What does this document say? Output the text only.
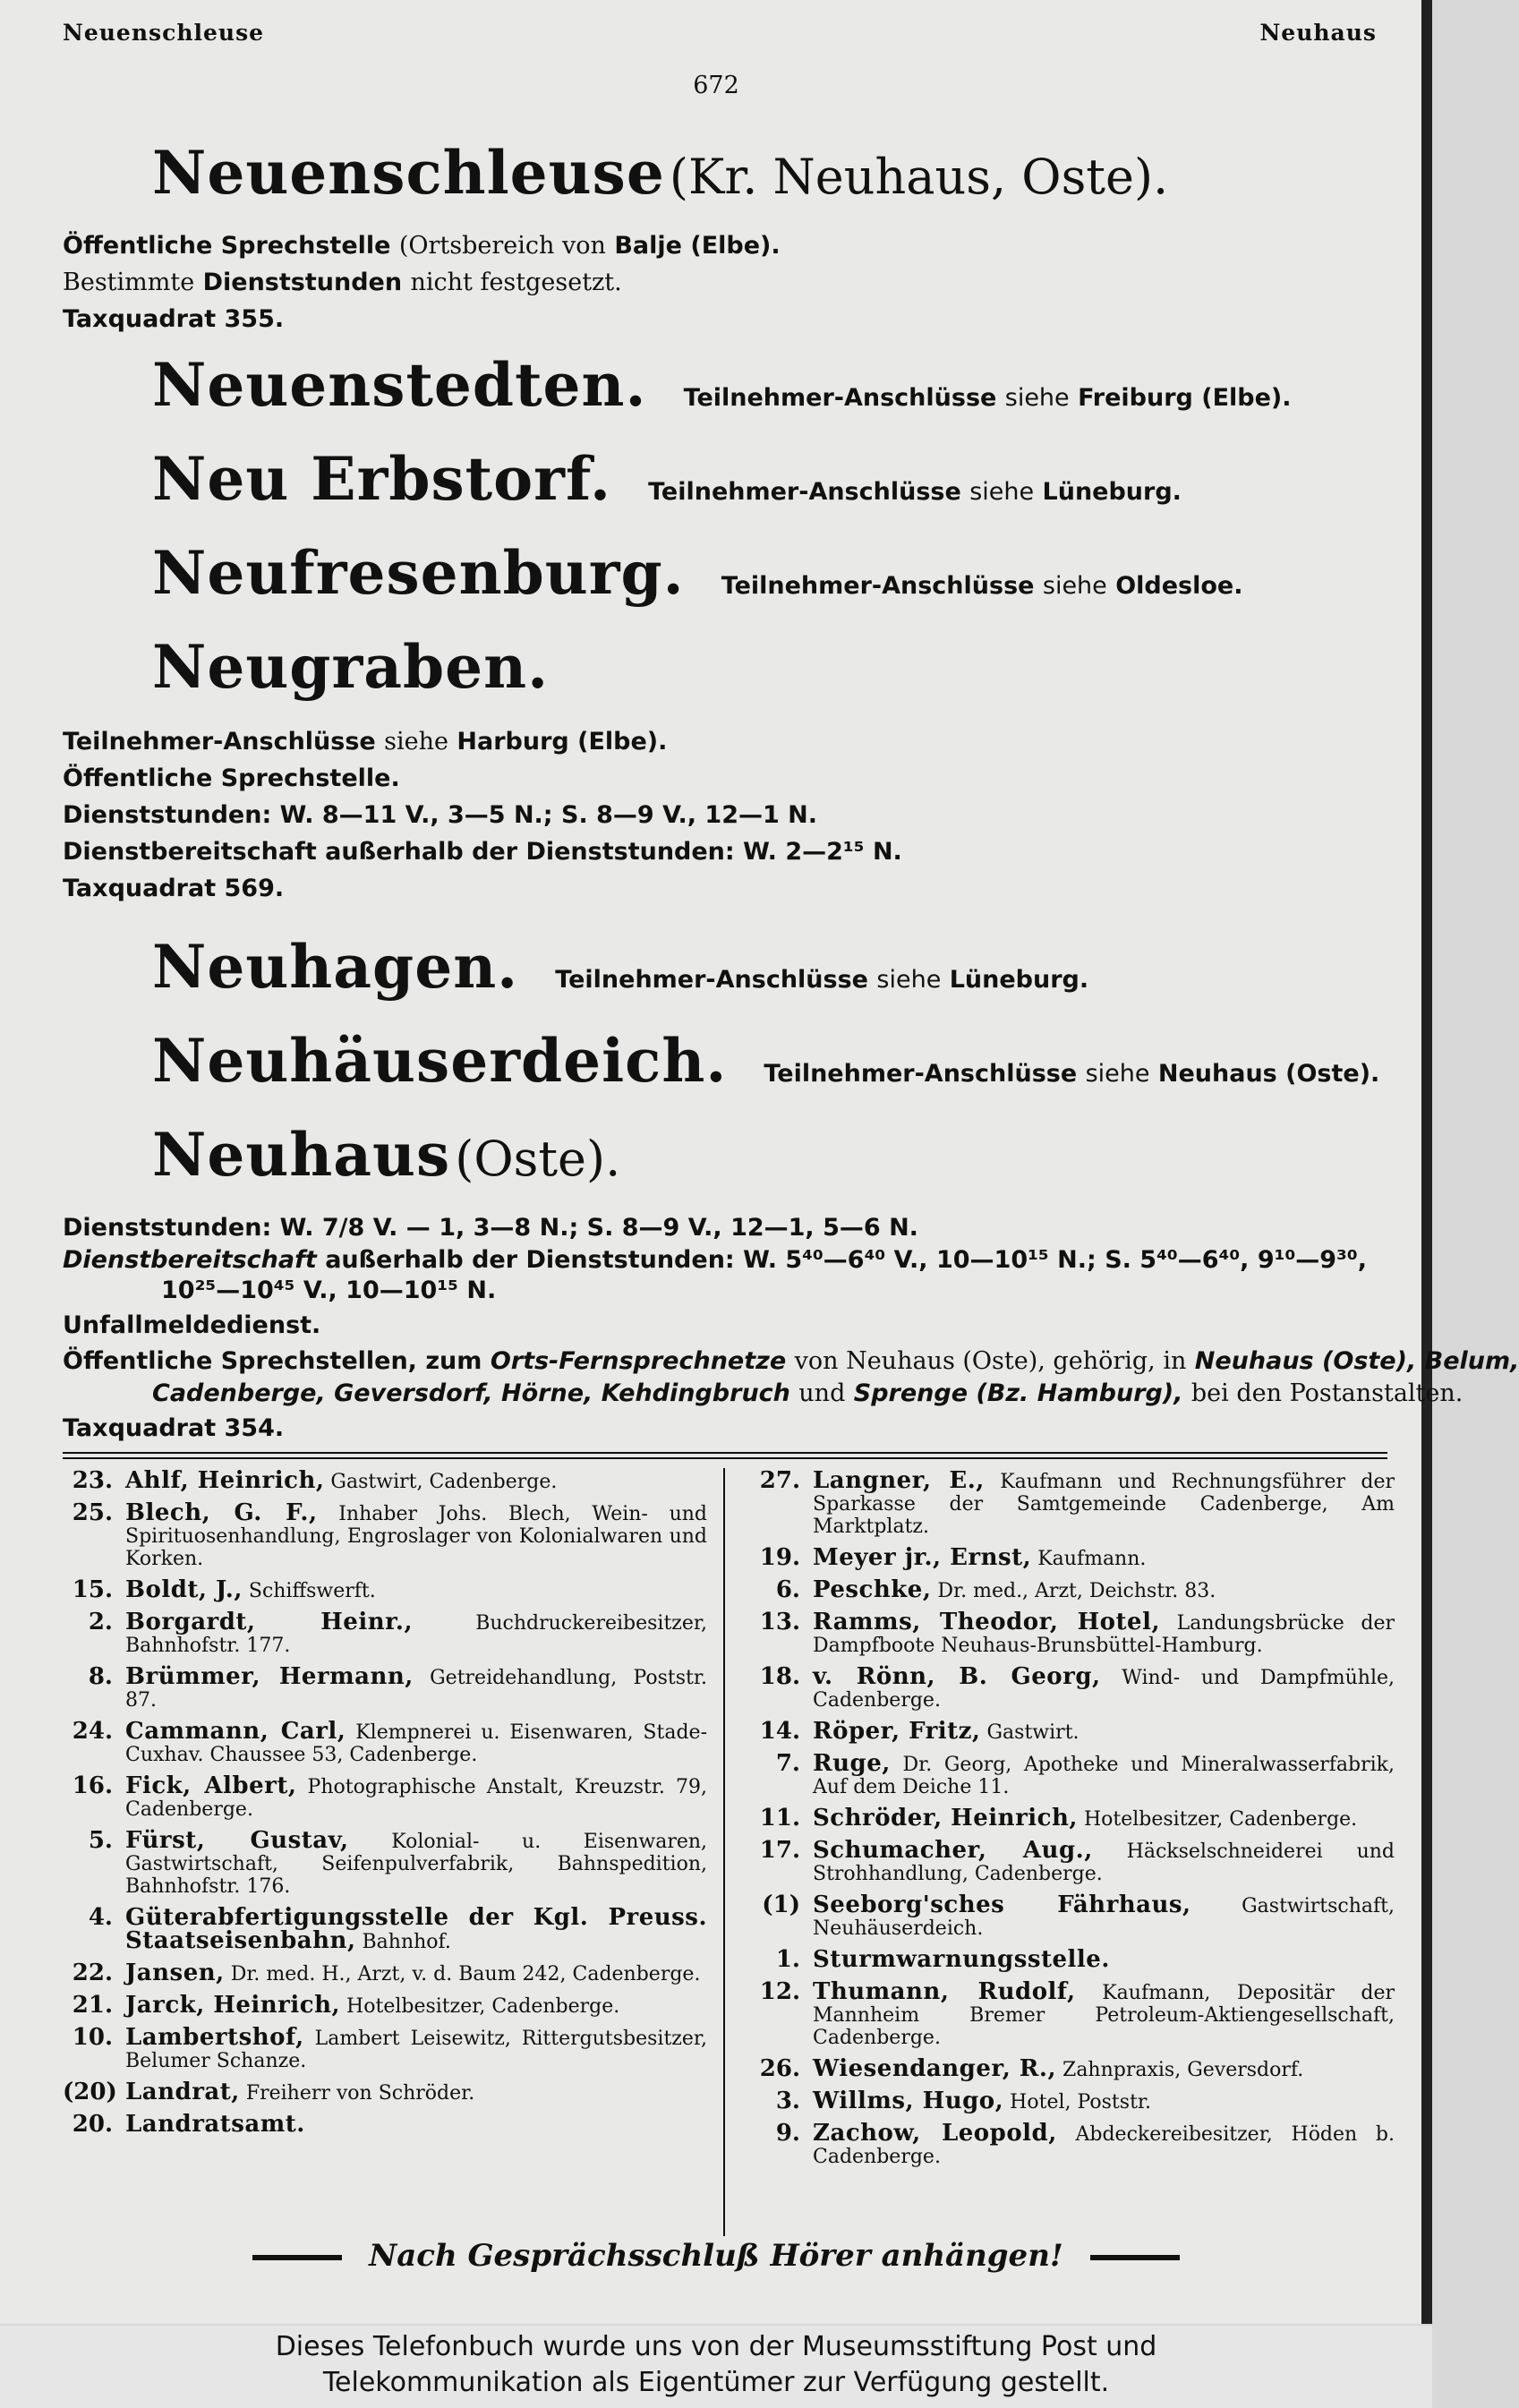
Neuenschleuse	Neuhaus
672
Neuenschleuse (Kr. Neuhaus, Oste).
Öffentliche Sprechstelle (Ortsbereich von Balje (Elbe).
Bestimmte Dienststunden nicht festgesetzt.
Taxquadrat 355.
Neuenstedten. Teilnehmer-Anschlüsse siehe Freiburg (Elbe).
Neu Erbstorf. Teilnehmer-Anschlüsse siehe Lüneburg.
Neufresenburg. Teilnehmer-Anschlüsse siehe Oldesloe.
Neugraben.
Teilnehmer-Anschlüsse siehe Harburg (Elbe).
Öffentliche Sprechstelle.
Dienststunden: W. 8—11 V., 3—5 N.; S. 8—9 V., 12—1 N.
Dienstbereitschaft außerhalb der Dienststunden: W. 2—2¹⁵ N.
Taxquadrat 569.
Neuhagen. Teilnehmer-Anschlüsse siehe Lüneburg.
Neuhäuserdeich. Teilnehmer-Anschlüsse siehe Neuhaus (Oste).
Neuhaus (Oste).
Dienststunden: W. 7/8 V. — 1, 3—8 N.; S. 8—9 V., 12—1, 5—6 N.
Dienstbereitschaft außerhalb der Dienststunden: W. 5⁴⁰—6⁴⁰ V., 10—10¹⁵ N.; S. 5⁴⁰—6⁴⁰, 9¹⁰—9³⁰,
10²⁵—10⁴⁵ V., 10—10¹⁵ N.
Unfallmeldedienst.
Öffentliche Sprechstellen, zum Orts-Fernsprechnetze von Neuhaus (Oste), gehörig, in Neuhaus (Oste), Belum,
Cadenberge, Geversdorf, Hörne, Kehdingbruch und Sprenge (Bz. Hamburg), bei den Postanstalten.
Taxquadrat 354.
23. Ahlf, Heinrich, Gastwirt, Cadenberge.
25. Blech, G. F., Inhaber Johs. Blech, Wein- und Spirituosenhandlung, Engroslager von Kolonialwaren und Korken.
15. Boldt, J., Schiffswerft.
2. Borgardt, Heinr.,	Buchdruckereibesitzer, Bahnhofstr. 177.
8. Brümmer, Hermann, Getreidehandlung, Poststr. 87.
24. Cammann, Carl, Klempnerei u. Eisenwaren, Stade-Cuxhav. Chaussee 53, Cadenberge.
16. Fick, Albert, Photographische Anstalt, Kreuzstr. 79, Cadenberge.
5. Fürst, Gustav, Kolonial- u. Eisenwaren, Gastwirtschaft, Seifenpulverfabrik, Bahnspedition, Bahnhofstr. 176.
4. Güterabfertigungsstelle der Kgl. Preuss. Staatseisenbahn, Bahnhof.
22. Jansen, Dr. med. H., Arzt, v. d. Baum 242, Cadenberge.
21. Jarck, Heinrich, Hotelbesitzer, Cadenberge.
10. Lambertshof, Lambert Leisewitz, Rittergutsbesitzer, Belumer Schanze.
(20) Landrat, Freiherr von Schröder.
20. Landratsamt.
27. Langner, E., Kaufmann und Rechnungsführer der Sparkasse der Samtgemeinde Cadenberge, Am Marktplatz.
19. Meyer jr., Ernst, Kaufmann.
6. Peschke, Dr. med., Arzt, Deichstr. 83.
13. Ramms, Theodor, Hotel, Landungsbrücke der Dampfboote Neuhaus-Brunsbüttel-Hamburg.
18. v. Rönn, B. Georg, Wind- und Dampfmühle, Cadenberge.
14. Röper, Fritz, Gastwirt.
7. Ruge, Dr. Georg, Apotheke und Mineralwasserfabrik, Auf dem Deiche 11.
11. Schröder, Heinrich, Hotelbesitzer, Cadenberge.
17. Schumacher, Aug., Häckselschneiderei und Strohhandlung, Cadenberge.
(1) Seeborg'sches Fährhaus,	Gastwirtschaft, Neuhäuserdeich.
1. Sturmwarnungsstelle.
12. Thumann, Rudolf, Kaufmann, Depositär der Mannheim Bremer Petroleum-Aktiengesellschaft, Cadenberge.
26. Wiesendanger, R., Zahnpraxis, Geversdorf.
3. Willms, Hugo, Hotel, Poststr.
9. Zachow, Leopold, Abdeckereibesitzer, Höden b. Cadenberge.
Nach Gesprächsschluß Hörer anhängen!
Dieses Telefonbuch wurde uns von der Museumsstiftung Post und
Telekommunikation als Eigentümer zur Verfügung gestellt.
